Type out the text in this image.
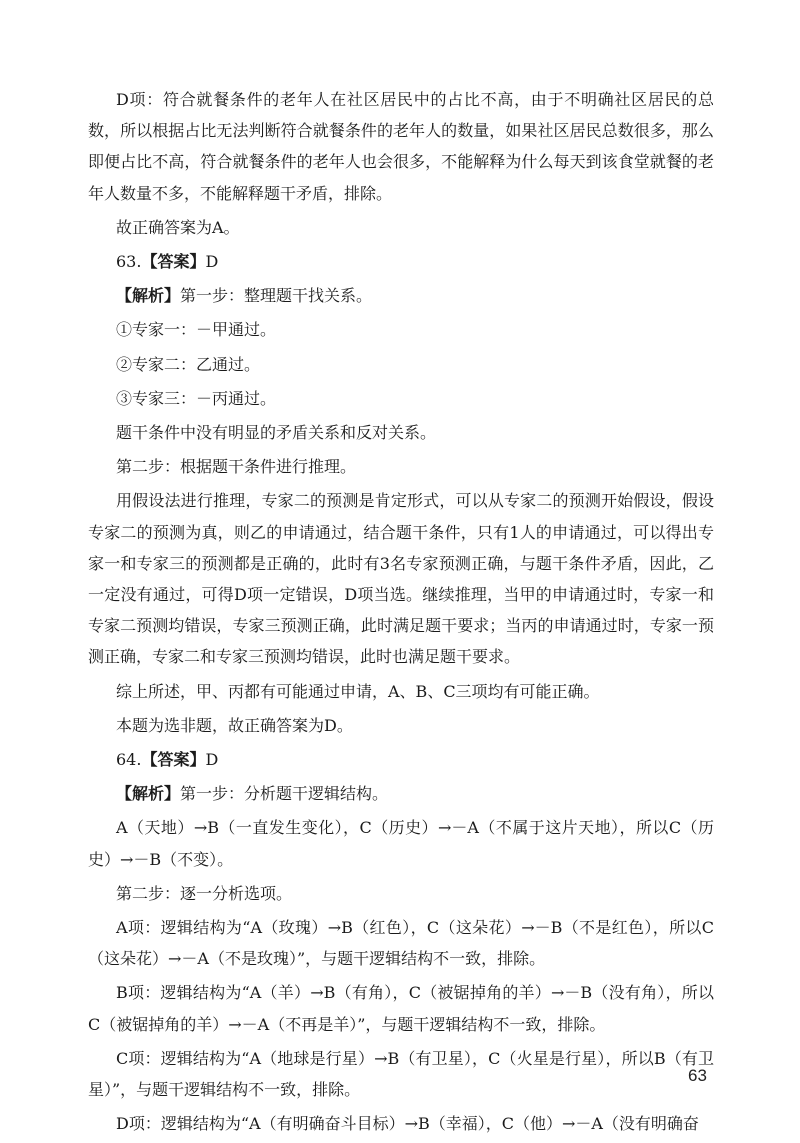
D项：符合就餐条件的老年人在社区居民中的占比不高，由于不明确社区居民的总数，所以根据占比无法判断符合就餐条件的老年人的数量，如果社区居民总数很多，那么即便占比不高，符合就餐条件的老年人也会很多，不能解释为什么每天到该食堂就餐的老年人数量不多，不能解释题干矛盾，排除。

故正确答案为A。

63.【答案】D

【解析】第一步：整理题干找关系。

①专家一：－甲通过。

②专家二：乙通过。

③专家三：－丙通过。

题干条件中没有明显的矛盾关系和反对关系。

第二步：根据题干条件进行推理。

用假设法进行推理，专家二的预测是肯定形式，可以从专家二的预测开始假设，假设专家二的预测为真，则乙的申请通过，结合题干条件，只有1人的申请通过，可以得出专家一和专家三的预测都是正确的，此时有3名专家预测正确，与题干条件矛盾，因此，乙一定没有通过，可得D项一定错误，D项当选。继续推理，当甲的申请通过时，专家一和专家二预测均错误，专家三预测正确，此时满足题干要求；当丙的申请通过时，专家一预测正确，专家二和专家三预测均错误，此时也满足题干要求。

综上所述，甲、丙都有可能通过申请，A、B、C三项均有可能正确。

本题为选非题，故正确答案为D。

64.【答案】D

【解析】第一步：分析题干逻辑结构。

A（天地）→B（一直发生变化），C（历史）→－A（不属于这片天地），所以C（历史）→－B（不变）。

第二步：逐一分析选项。

A项：逻辑结构为“A（玫瑰）→B（红色），C（这朵花）→－B（不是红色），所以C（这朵花）→－A（不是玫瑰）”，与题干逻辑结构不一致，排除。

B项：逻辑结构为“A（羊）→B（有角），C（被锯掉角的羊）→－B（没有角），所以C（被锯掉角的羊）→－A（不再是羊）”，与题干逻辑结构不一致，排除。

C项：逻辑结构为“A（地球是行星）→B（有卫星），C（火星是行星），所以B（有卫星）”，与题干逻辑结构不一致，排除。

D项：逻辑结构为“A（有明确奋斗目标）→B（幸福），C（他）→－A（没有明确奋

63
